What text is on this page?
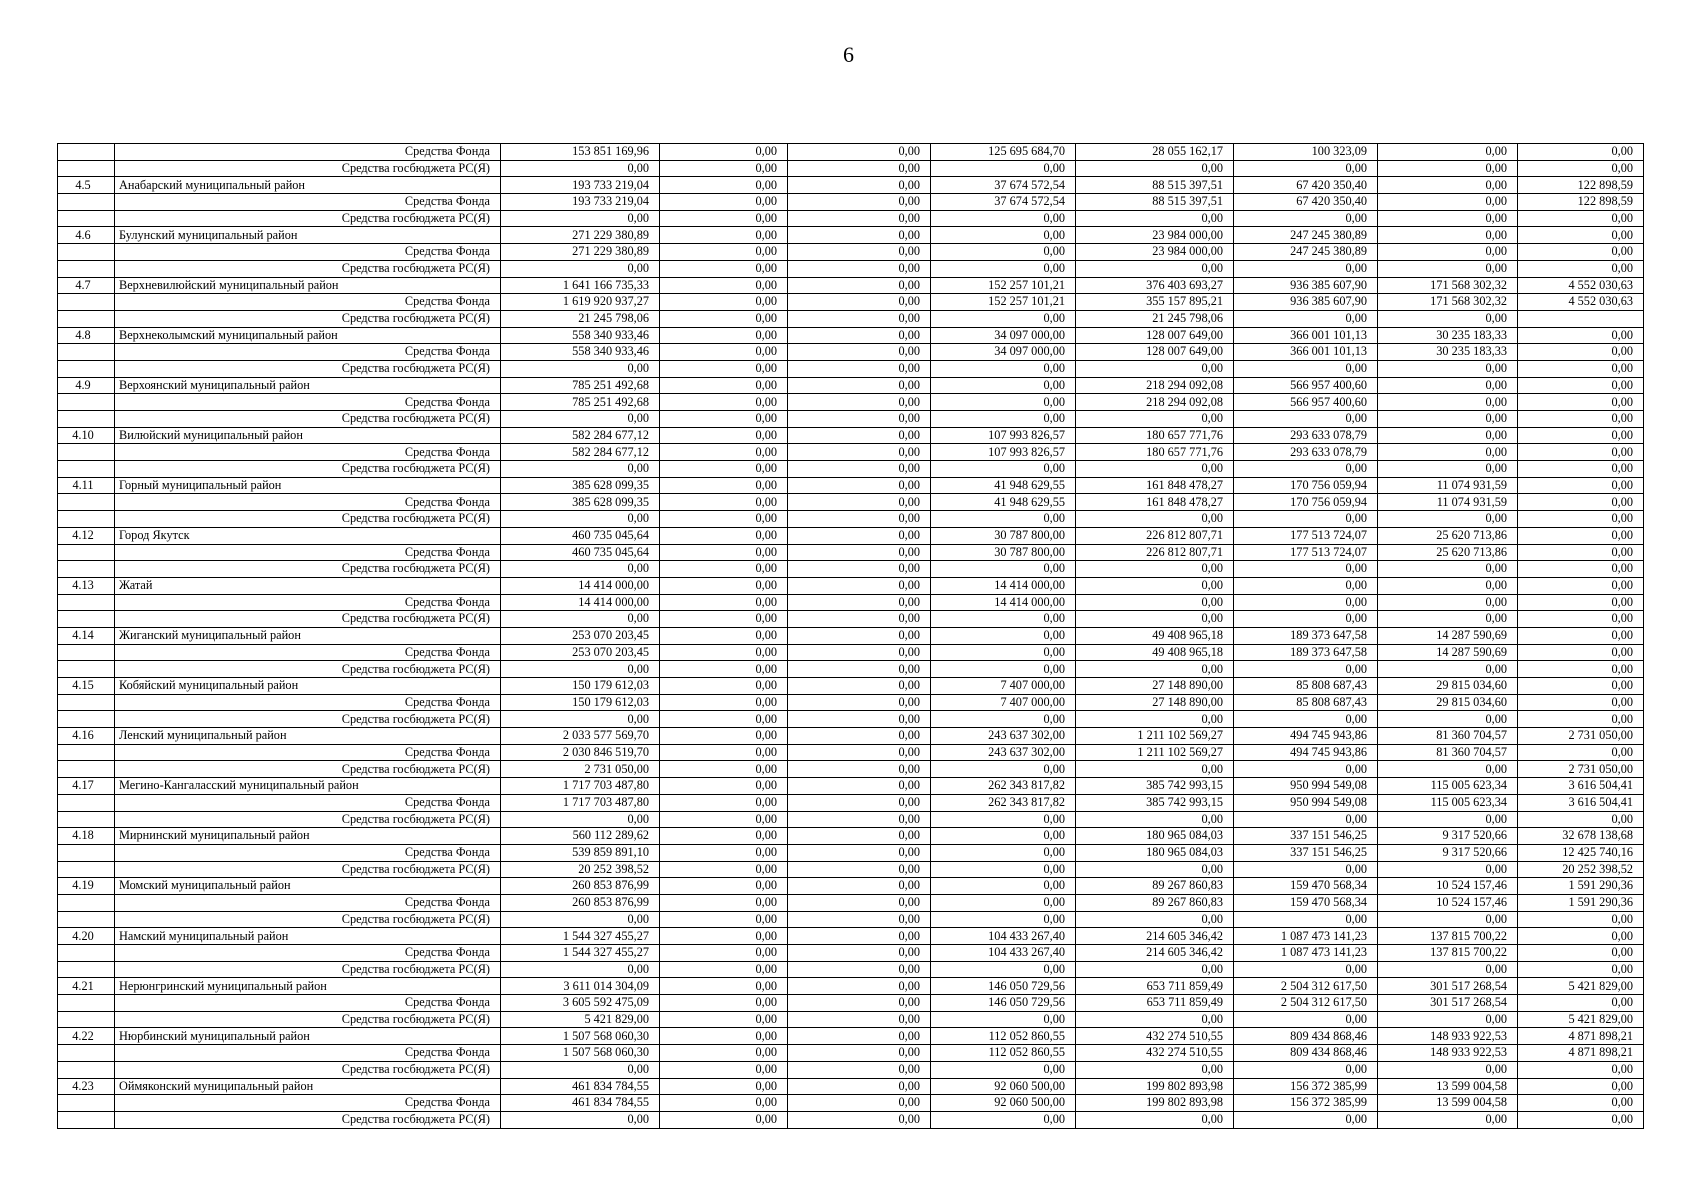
6
	Средства Фонда	153 851 169,96	0,00	0,00	125 695 684,70	28 055 162,17	100 323,09	0,00	0,00
	Средства госбюджета РС(Я)	0,00	0,00	0,00	0,00	0,00	0,00	0,00	0,00
4.5	Анабарский муниципальный район	193 733 219,04	0,00	0,00	37 674 572,54	88 515 397,51	67 420 350,40	0,00	122 898,59
	Средства Фонда	193 733 219,04	0,00	0,00	37 674 572,54	88 515 397,51	67 420 350,40	0,00	122 898,59
	Средства госбюджета РС(Я)	0,00	0,00	0,00	0,00	0,00	0,00	0,00	0,00
4.6	Булунский муниципальный район	271 229 380,89	0,00	0,00	0,00	23 984 000,00	247 245 380,89	0,00	0,00
	Средства Фонда	271 229 380,89	0,00	0,00	0,00	23 984 000,00	247 245 380,89	0,00	0,00
	Средства госбюджета РС(Я)	0,00	0,00	0,00	0,00	0,00	0,00	0,00	0,00
4.7	Верхневилюйский муниципальный район	1 641 166 735,33	0,00	0,00	152 257 101,21	376 403 693,27	936 385 607,90	171 568 302,32	4 552 030,63
	Средства Фонда	1 619 920 937,27	0,00	0,00	152 257 101,21	355 157 895,21	936 385 607,90	171 568 302,32	4 552 030,63
	Средства госбюджета РС(Я)	21 245 798,06	0,00	0,00	0,00	21 245 798,06	0,00	0,00	
4.8	Верхнеколымский муниципальный район	558 340 933,46	0,00	0,00	34 097 000,00	128 007 649,00	366 001 101,13	30 235 183,33	0,00
	Средства Фонда	558 340 933,46	0,00	0,00	34 097 000,00	128 007 649,00	366 001 101,13	30 235 183,33	0,00
	Средства госбюджета РС(Я)	0,00	0,00	0,00	0,00	0,00	0,00	0,00	0,00
4.9	Верхоянский муниципальный район	785 251 492,68	0,00	0,00	0,00	218 294 092,08	566 957 400,60	0,00	0,00
	Средства Фонда	785 251 492,68	0,00	0,00	0,00	218 294 092,08	566 957 400,60	0,00	0,00
	Средства госбюджета РС(Я)	0,00	0,00	0,00	0,00	0,00	0,00	0,00	0,00
4.10	Вилюйский муниципальный район	582 284 677,12	0,00	0,00	107 993 826,57	180 657 771,76	293 633 078,79	0,00	0,00
	Средства Фонда	582 284 677,12	0,00	0,00	107 993 826,57	180 657 771,76	293 633 078,79	0,00	0,00
	Средства госбюджета РС(Я)	0,00	0,00	0,00	0,00	0,00	0,00	0,00	0,00
4.11	Горный муниципальный район	385 628 099,35	0,00	0,00	41 948 629,55	161 848 478,27	170 756 059,94	11 074 931,59	0,00
	Средства Фонда	385 628 099,35	0,00	0,00	41 948 629,55	161 848 478,27	170 756 059,94	11 074 931,59	0,00
	Средства госбюджета РС(Я)	0,00	0,00	0,00	0,00	0,00	0,00	0,00	0,00
4.12	Город Якутск	460 735 045,64	0,00	0,00	30 787 800,00	226 812 807,71	177 513 724,07	25 620 713,86	0,00
	Средства Фонда	460 735 045,64	0,00	0,00	30 787 800,00	226 812 807,71	177 513 724,07	25 620 713,86	0,00
	Средства госбюджета РС(Я)	0,00	0,00	0,00	0,00	0,00	0,00	0,00	0,00
4.13	Жатай	14 414 000,00	0,00	0,00	14 414 000,00	0,00	0,00	0,00	0,00
	Средства Фонда	14 414 000,00	0,00	0,00	14 414 000,00	0,00	0,00	0,00	0,00
	Средства госбюджета РС(Я)	0,00	0,00	0,00	0,00	0,00	0,00	0,00	0,00
4.14	Жиганский муниципальный район	253 070 203,45	0,00	0,00	0,00	49 408 965,18	189 373 647,58	14 287 590,69	0,00
	Средства Фонда	253 070 203,45	0,00	0,00	0,00	49 408 965,18	189 373 647,58	14 287 590,69	0,00
	Средства госбюджета РС(Я)	0,00	0,00	0,00	0,00	0,00	0,00	0,00	0,00
4.15	Кобяйский муниципальный район	150 179 612,03	0,00	0,00	7 407 000,00	27 148 890,00	85 808 687,43	29 815 034,60	0,00
	Средства Фонда	150 179 612,03	0,00	0,00	7 407 000,00	27 148 890,00	85 808 687,43	29 815 034,60	0,00
	Средства госбюджета РС(Я)	0,00	0,00	0,00	0,00	0,00	0,00	0,00	0,00
4.16	Ленский муниципальный район	2 033 577 569,70	0,00	0,00	243 637 302,00	1 211 102 569,27	494 745 943,86	81 360 704,57	2 731 050,00
	Средства Фонда	2 030 846 519,70	0,00	0,00	243 637 302,00	1 211 102 569,27	494 745 943,86	81 360 704,57	0,00
	Средства госбюджета РС(Я)	2 731 050,00	0,00	0,00	0,00	0,00	0,00	0,00	2 731 050,00
4.17	Мегино-Кангаласский муниципальный район	1 717 703 487,80	0,00	0,00	262 343 817,82	385 742 993,15	950 994 549,08	115 005 623,34	3 616 504,41
	Средства Фонда	1 717 703 487,80	0,00	0,00	262 343 817,82	385 742 993,15	950 994 549,08	115 005 623,34	3 616 504,41
	Средства госбюджета РС(Я)	0,00	0,00	0,00	0,00	0,00	0,00	0,00	0,00
4.18	Мирнинский муниципальный район	560 112 289,62	0,00	0,00	0,00	180 965 084,03	337 151 546,25	9 317 520,66	32 678 138,68
	Средства Фонда	539 859 891,10	0,00	0,00	0,00	180 965 084,03	337 151 546,25	9 317 520,66	12 425 740,16
	Средства госбюджета РС(Я)	20 252 398,52	0,00	0,00	0,00	0,00	0,00	0,00	20 252 398,52
4.19	Момский муниципальный район	260 853 876,99	0,00	0,00	0,00	89 267 860,83	159 470 568,34	10 524 157,46	1 591 290,36
	Средства Фонда	260 853 876,99	0,00	0,00	0,00	89 267 860,83	159 470 568,34	10 524 157,46	1 591 290,36
	Средства госбюджета РС(Я)	0,00	0,00	0,00	0,00	0,00	0,00	0,00	0,00
4.20	Намский муниципальный район	1 544 327 455,27	0,00	0,00	104 433 267,40	214 605 346,42	1 087 473 141,23	137 815 700,22	0,00
	Средства Фонда	1 544 327 455,27	0,00	0,00	104 433 267,40	214 605 346,42	1 087 473 141,23	137 815 700,22	0,00
	Средства госбюджета РС(Я)	0,00	0,00	0,00	0,00	0,00	0,00	0,00	0,00
4.21	Нерюнгринский муниципальный район	3 611 014 304,09	0,00	0,00	146 050 729,56	653 711 859,49	2 504 312 617,50	301 517 268,54	5 421 829,00
	Средства Фонда	3 605 592 475,09	0,00	0,00	146 050 729,56	653 711 859,49	2 504 312 617,50	301 517 268,54	0,00
	Средства госбюджета РС(Я)	5 421 829,00	0,00	0,00	0,00	0,00	0,00	0,00	5 421 829,00
4.22	Нюрбинский муниципальный район	1 507 568 060,30	0,00	0,00	112 052 860,55	432 274 510,55	809 434 868,46	148 933 922,53	4 871 898,21
	Средства Фонда	1 507 568 060,30	0,00	0,00	112 052 860,55	432 274 510,55	809 434 868,46	148 933 922,53	4 871 898,21
	Средства госбюджета РС(Я)	0,00	0,00	0,00	0,00	0,00	0,00	0,00	0,00
4.23	Оймяконский муниципальный район	461 834 784,55	0,00	0,00	92 060 500,00	199 802 893,98	156 372 385,99	13 599 004,58	0,00
	Средства Фонда	461 834 784,55	0,00	0,00	92 060 500,00	199 802 893,98	156 372 385,99	13 599 004,58	0,00
	Средства госбюджета РС(Я)	0,00	0,00	0,00	0,00	0,00	0,00	0,00	0,00
